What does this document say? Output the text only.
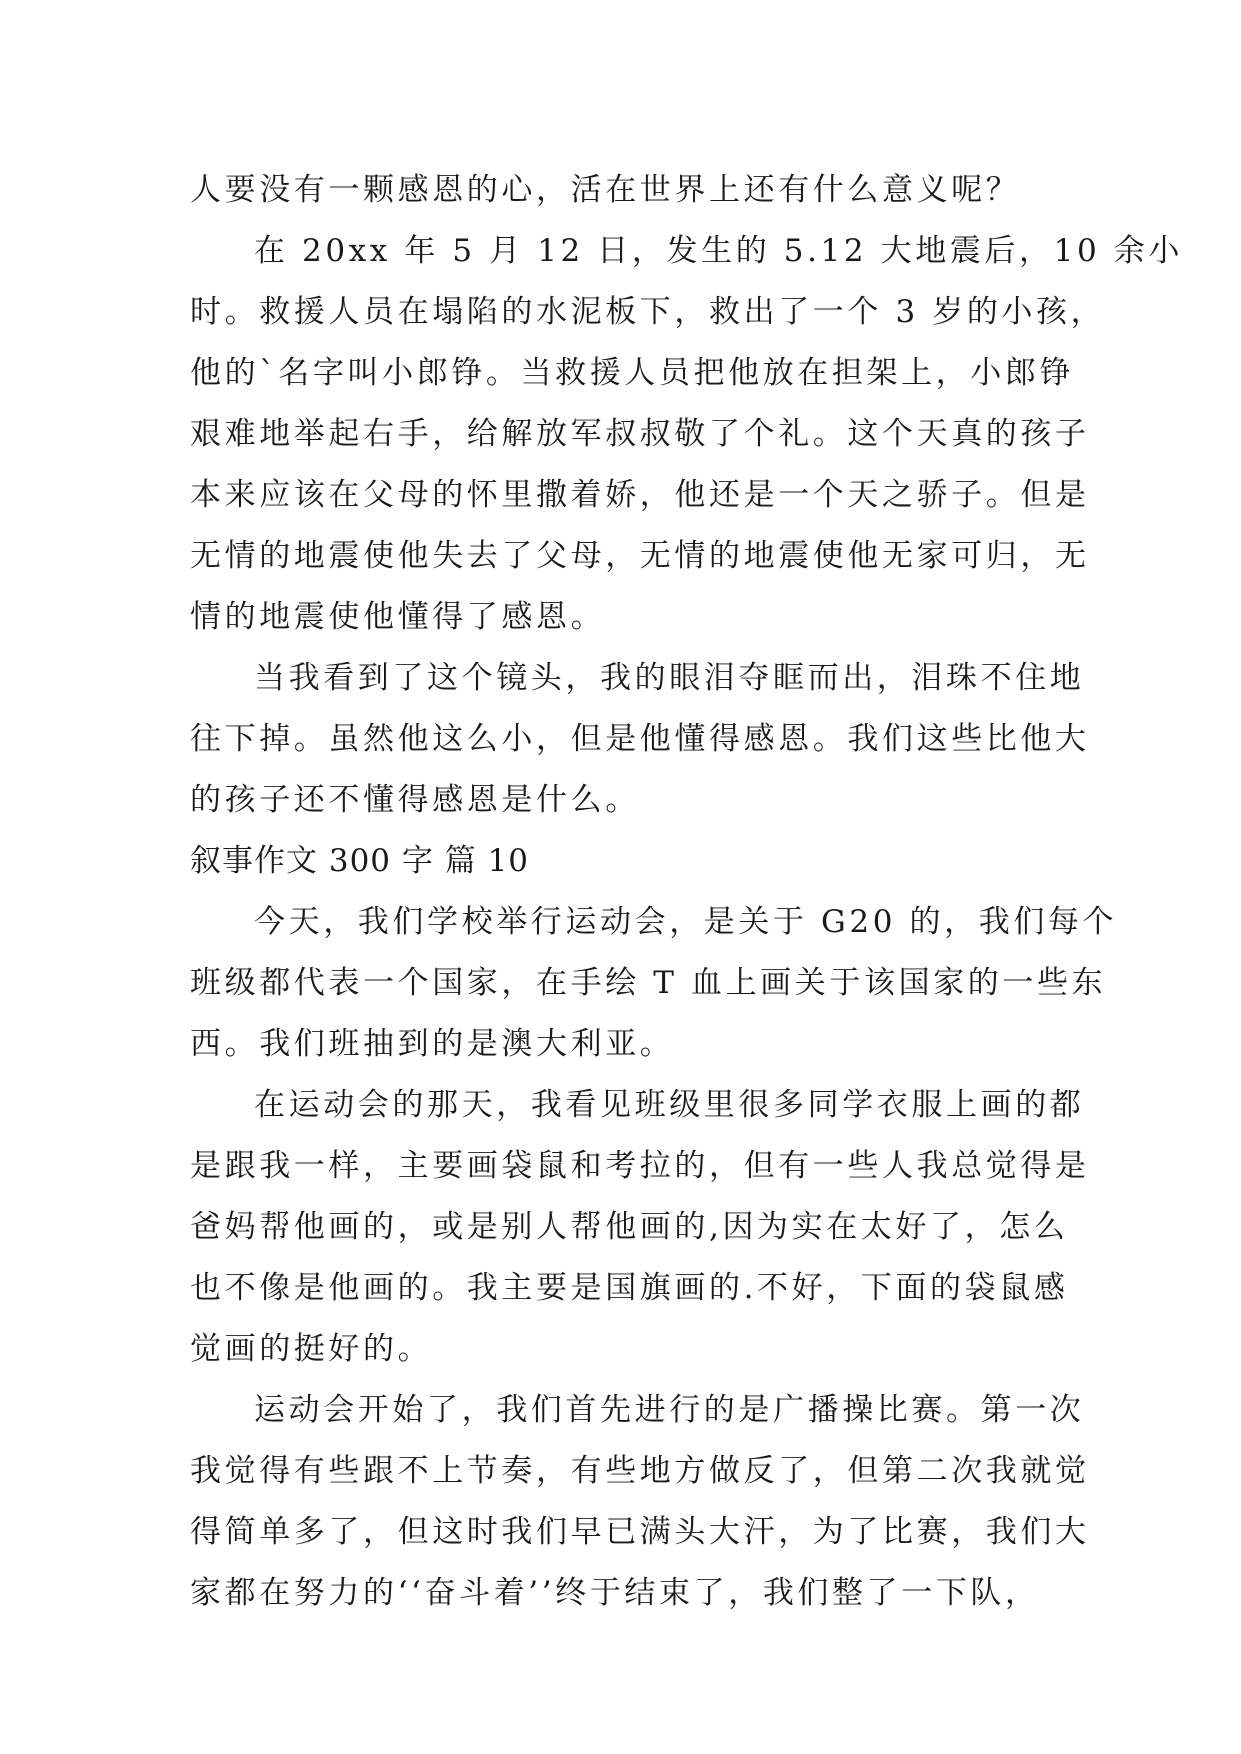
人要没有一颗感恩的心，活在世界上还有什么意义呢？
在 20xx 年 5 月 12 日，发生的 5.12 大地震后，10 余小
时。救援人员在塌陷的水泥板下，救出了一个 3 岁的小孩，
他的`名字叫小郎铮。当救援人员把他放在担架上，小郎铮
艰难地举起右手，给解放军叔叔敬了个礼。这个天真的孩子
本来应该在父母的怀里撒着娇，他还是一个天之骄子。但是
无情的地震使他失去了父母，无情的地震使他无家可归，无
情的地震使他懂得了感恩。
当我看到了这个镜头，我的眼泪夺眶而出，泪珠不住地
往下掉。虽然他这么小，但是他懂得感恩。我们这些比他大
的孩子还不懂得感恩是什么。
叙事作文 300 字 篇 10
今天，我们学校举行运动会，是关于 G20 的，我们每个
班级都代表一个国家，在手绘 T 血上画关于该国家的一些东
西。我们班抽到的是澳大利亚。
在运动会的那天，我看见班级里很多同学衣服上画的都
是跟我一样，主要画袋鼠和考拉的，但有一些人我总觉得是
爸妈帮他画的，或是别人帮他画的,因为实在太好了，怎么
也不像是他画的。我主要是国旗画的.不好，下面的袋鼠感
觉画的挺好的。
运动会开始了，我们首先进行的是广播操比赛。第一次
我觉得有些跟不上节奏，有些地方做反了，但第二次我就觉
得简单多了，但这时我们早已满头大汗，为了比赛，我们大
家都在努力的‘‘奋斗着’’终于结束了，我们整了一下队，
